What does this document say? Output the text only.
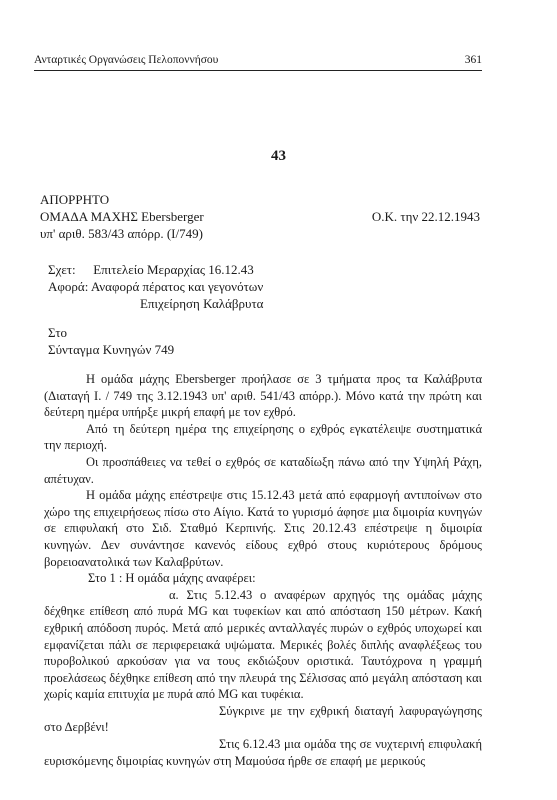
Ανταρτικές Οργανώσεις Πελοποννήσου	361
43
ΑΠΟΡΡΗΤΟ
ΟΜΑΔΑ ΜΑΧΗΣ Ebersberger
υπ' αριθ. 583/43 απόρρ. (I/749)
Ο.Κ. την 22.12.1943
Σχετ: Επιτελείο Μεραρχίας 16.12.43
Αφορά: Αναφορά πέρατος και γεγονότων
Επιχείρηση Καλάβρυτα
Στο
Σύνταγμα Κυνηγών 749

Η ομάδα μάχης Ebersberger προήλασε σε 3 τμήματα προς τα Καλάβρυτα (Διαταγή I. / 749 της 3.12.1943 υπ' αριθ. 541/43 απόρρ.). Μόνο κατά την πρώτη και δεύτερη ημέρα υπήρξε μικρή επαφή με τον εχθρό.

Από τη δεύτερη ημέρα της επιχείρησης ο εχθρός εγκατέλειψε συστηματικά την περιοχή.

Οι προσπάθειες να τεθεί ο εχθρός σε καταδίωξη πάνω από την Υψηλή Ράχη, απέτυχαν.

Η ομάδα μάχης επέστρεψε στις 15.12.43 μετά από εφαρμογή αντιποίνων στο χώρο της επιχειρήσεως πίσω στο Αίγιο. Κατά το γυρισμό άφησε μια διμοιρία κυνηγών σε επιφυλακή στο Σιδ. Σταθμό Κερπινής. Στις 20.12.43 επέστρεψε η διμοιρία κυνηγών. Δεν συνάντησε κανενός είδους εχθρό στους κυριότερους δρόμους βορειοανατολικά των Καλαβρύτων.

Στο 1 : Η ομάδα μάχης αναφέρει:

α. Στις 5.12.43 ο αναφέρων αρχηγός της ομάδας μάχης δέχθηκε επίθεση από πυρά MG και τυφεκίων και από απόσταση 150 μέτρων. Κακή εχθρική απόδοση πυρός. Μετά από μερικές ανταλλαγές πυρών ο εχθρός υποχωρεί και εμφανίζεται πάλι σε περιφερειακά υψώματα. Μερικές βολές διπλής αναφλέξεως του πυροβολικού αρκούσαν για να τους εκδιώξουν οριστικά. Ταυτόχρονα η γραμμή προελάσεως δέχθηκε επίθεση από την πλευρά της Σέλισσας από μεγάλη απόσταση και χωρίς καμία επιτυχία με πυρά από MG και τυφέκια.

Σύγκρινε με την εχθρική διαταγή λαφυραγώγησης στο Δερβένι!

Στις 6.12.43 μια ομάδα της σε νυχτερινή επιφυλακή ευρισκόμενης διμοιρίας κυνηγών στη Μαμούσα ήρθε σε επαφή με μερικούς
